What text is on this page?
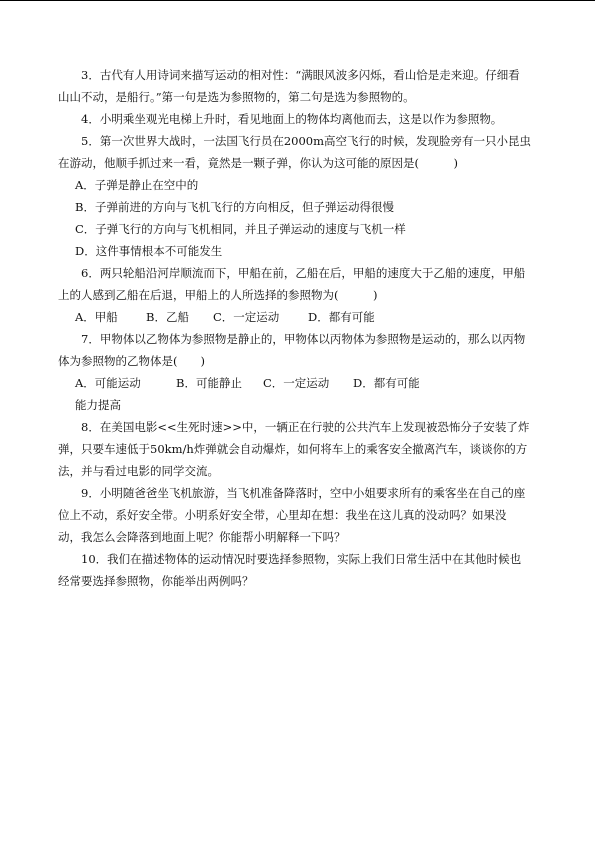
3．古代有人用诗词来描写运动的相对性：“满眼风波多闪烁，看山恰是走来迎。仔细看

山山不动，是船行。”第一句是选为参照物的，第二句是选为参照物的。

4．小明乘坐观光电梯上升时，看见地面上的物体均离他而去，这是以作为参照物。

5．第一次世界大战时，一法国飞行员在2000m高空飞行的时候，发现脸旁有一只小昆虫

在游动，他顺手抓过来一看，竟然是一颗子弹，你认为这可能的原因是(　　　)

A．子弹是静止在空中的

B．子弹前进的方向与飞机飞行的方向相反，但子弹运动得很慢

C．子弹飞行的方向与飞机相同，并且子弹运动的速度与飞机一样

D．这件事情根本不可能发生

6．两只轮船沿河岸顺流而下，甲船在前，乙船在后，甲船的速度大于乙船的速度，甲船

上的人感到乙船在后退，甲船上的人所选择的参照物为(　　　)

A．甲船	B．乙船	C．一定运动	D．都有可能

7．甲物体以乙物体为参照物是静止的，甲物体以丙物体为参照物是运动的，那么以丙物

体为参照物的乙物体是(　　)

A．可能运动	B．可能静止	C．一定运动	D．都有可能

能力提高

8．在美国电影<<生死时速>>中，一辆正在行驶的公共汽车上发现被恐怖分子安装了炸

弹，只要车速低于50km/h炸弹就会自动爆炸，如何将车上的乘客安全撤离汽车，谈谈你的方

法，并与看过电影的同学交流。

9．小明随爸爸坐飞机旅游，当飞机准备降落时，空中小姐要求所有的乘客坐在自己的座

位上不动，系好安全带。小明系好安全带，心里却在想：我坐在这儿真的没动吗？如果没

动，我怎么会降落到地面上呢？你能帮小明解释一下吗？

10．我们在描述物体的运动情况时要选择参照物，实际上我们日常生活中在其他时候也

经常要选择参照物，你能举出两例吗？
